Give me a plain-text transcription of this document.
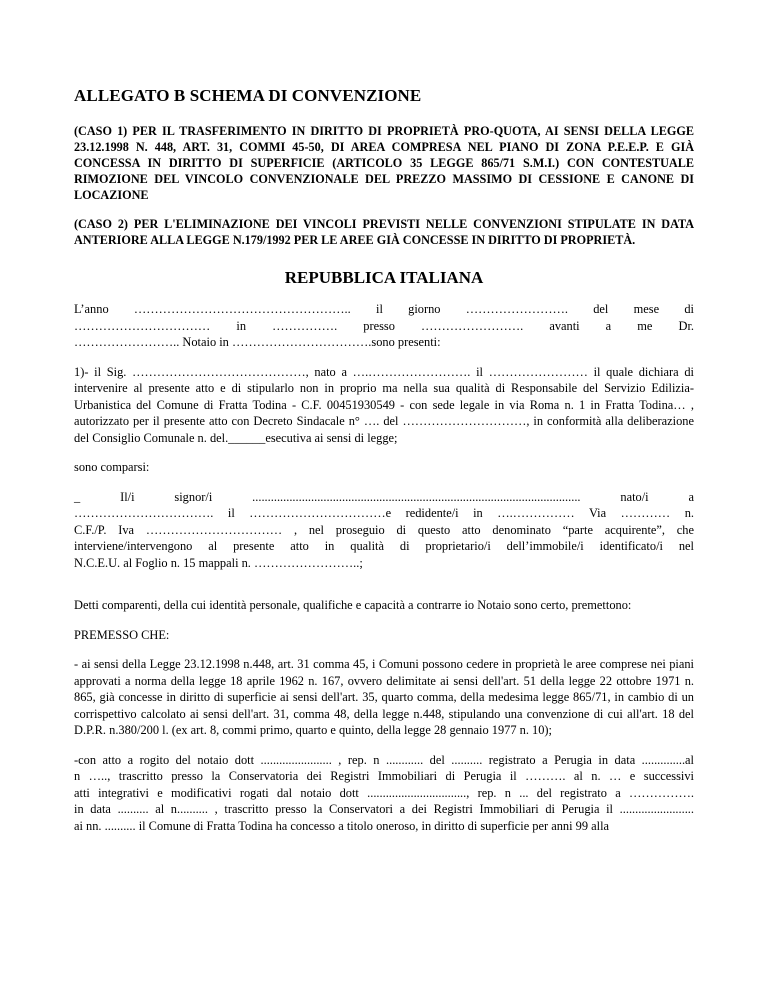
ALLEGATO B SCHEMA DI CONVENZIONE
(CASO 1) PER IL TRASFERIMENTO IN DIRITTO DI PROPRIETÀ PRO-QUOTA, AI SENSI DELLA LEGGE 23.12.1998 N. 448, ART. 31, COMMI 45-50, DI AREA COMPRESA NEL PIANO DI ZONA P.E.E.P. E GIÀ CONCESSA IN DIRITTO DI SUPERFICIE (ARTICOLO 35 LEGGE 865/71 S.M.I.) CON CONTESTUALE RIMOZIONE DEL VINCOLO CONVENZIONALE DEL PREZZO MASSIMO DI CESSIONE E CANONE DI LOCAZIONE
(CASO 2) PER L'ELIMINAZIONE DEI VINCOLI PREVISTI NELLE CONVENZIONI STIPULATE IN DATA ANTERIORE ALLA LEGGE N.179/1992 PER LE AREE GIÀ CONCESSE IN DIRITTO DI PROPRIETÀ.
REPUBBLICA ITALIANA
L’anno …………………………………………….. il giorno ……………………. del mese di
…………………………… in ……………. presso ……………………. avanti a me Dr.
…………………….. Notaio in …………………………….sono presenti:
1)- il Sig. ……………………………………, nato a ….……………………. il …………………… il quale dichiara di intervenire al presente atto e di stipularlo non in proprio ma nella sua qualità di Responsabile del Servizio Edilizia-Urbanistica del Comune di Fratta Todina - C.F. 00451930549 - con sede legale in via Roma n. 1 in Fratta Todina… , autorizzato per il presente atto con Decreto Sindacale n° …. del …………………………, in conformità alla deliberazione del Consiglio Comunale n. del.______esecutiva ai sensi di legge;
sono comparsi:
_ Il/i signor/i .......................................................................................................... nato/i a
……………………………. il ……………………………e redidente/i in ….…………… Via ………… n.
C.F./P. Iva …………………………… , nel proseguio di questo atto denominato “parte acquirente”, che
interviene/intervengono al presente atto in qualità di proprietario/i dell’immobile/i identificato/i nel
N.C.E.U. al Foglio n. 15 mappali n. ……………………..;
Detti comparenti, della cui identità personale, qualifiche e capacità a contrarre io Notaio sono certo, premettono:
PREMESSO CHE:
- ai sensi della Legge 23.12.1998 n.448, art. 31 comma 45, i Comuni possono cedere in proprietà le aree comprese nei piani approvati a norma della legge 18 aprile 1962 n. 167, ovvero delimitate ai sensi dell'art. 51 della legge 22 ottobre 1971 n. 865, già concesse in diritto di superficie ai sensi dell'art. 35, quarto comma, della medesima legge 865/71, in cambio di un corrispettivo calcolato ai sensi dell'art. 31, comma 48, della legge n.448, stipulando una convenzione di cui all'art. 18 del D.P.R. n.380/200 l. (ex art. 8, commi primo, quarto e quinto, della legge 28 gennaio 1977 n. 10);
-con atto a rogito del notaio dott ....................... , rep. n ............ del .......... registrato a Perugia in data ..............al
n ….., trascritto presso la Conservatoria dei Registri Immobiliari di Perugia il ………. al n. … e successivi
atti integrativi e modificativi rogati dal notaio dott ................................, rep. n ... del registrato a …………….
in data .......... al n.......... , trascritto presso la Conservatori a dei Registri Immobiliari di Perugia il ........................
ai nn. .......... il Comune di Fratta Todina ha concesso a titolo oneroso, in diritto di superficie per anni 99 alla
